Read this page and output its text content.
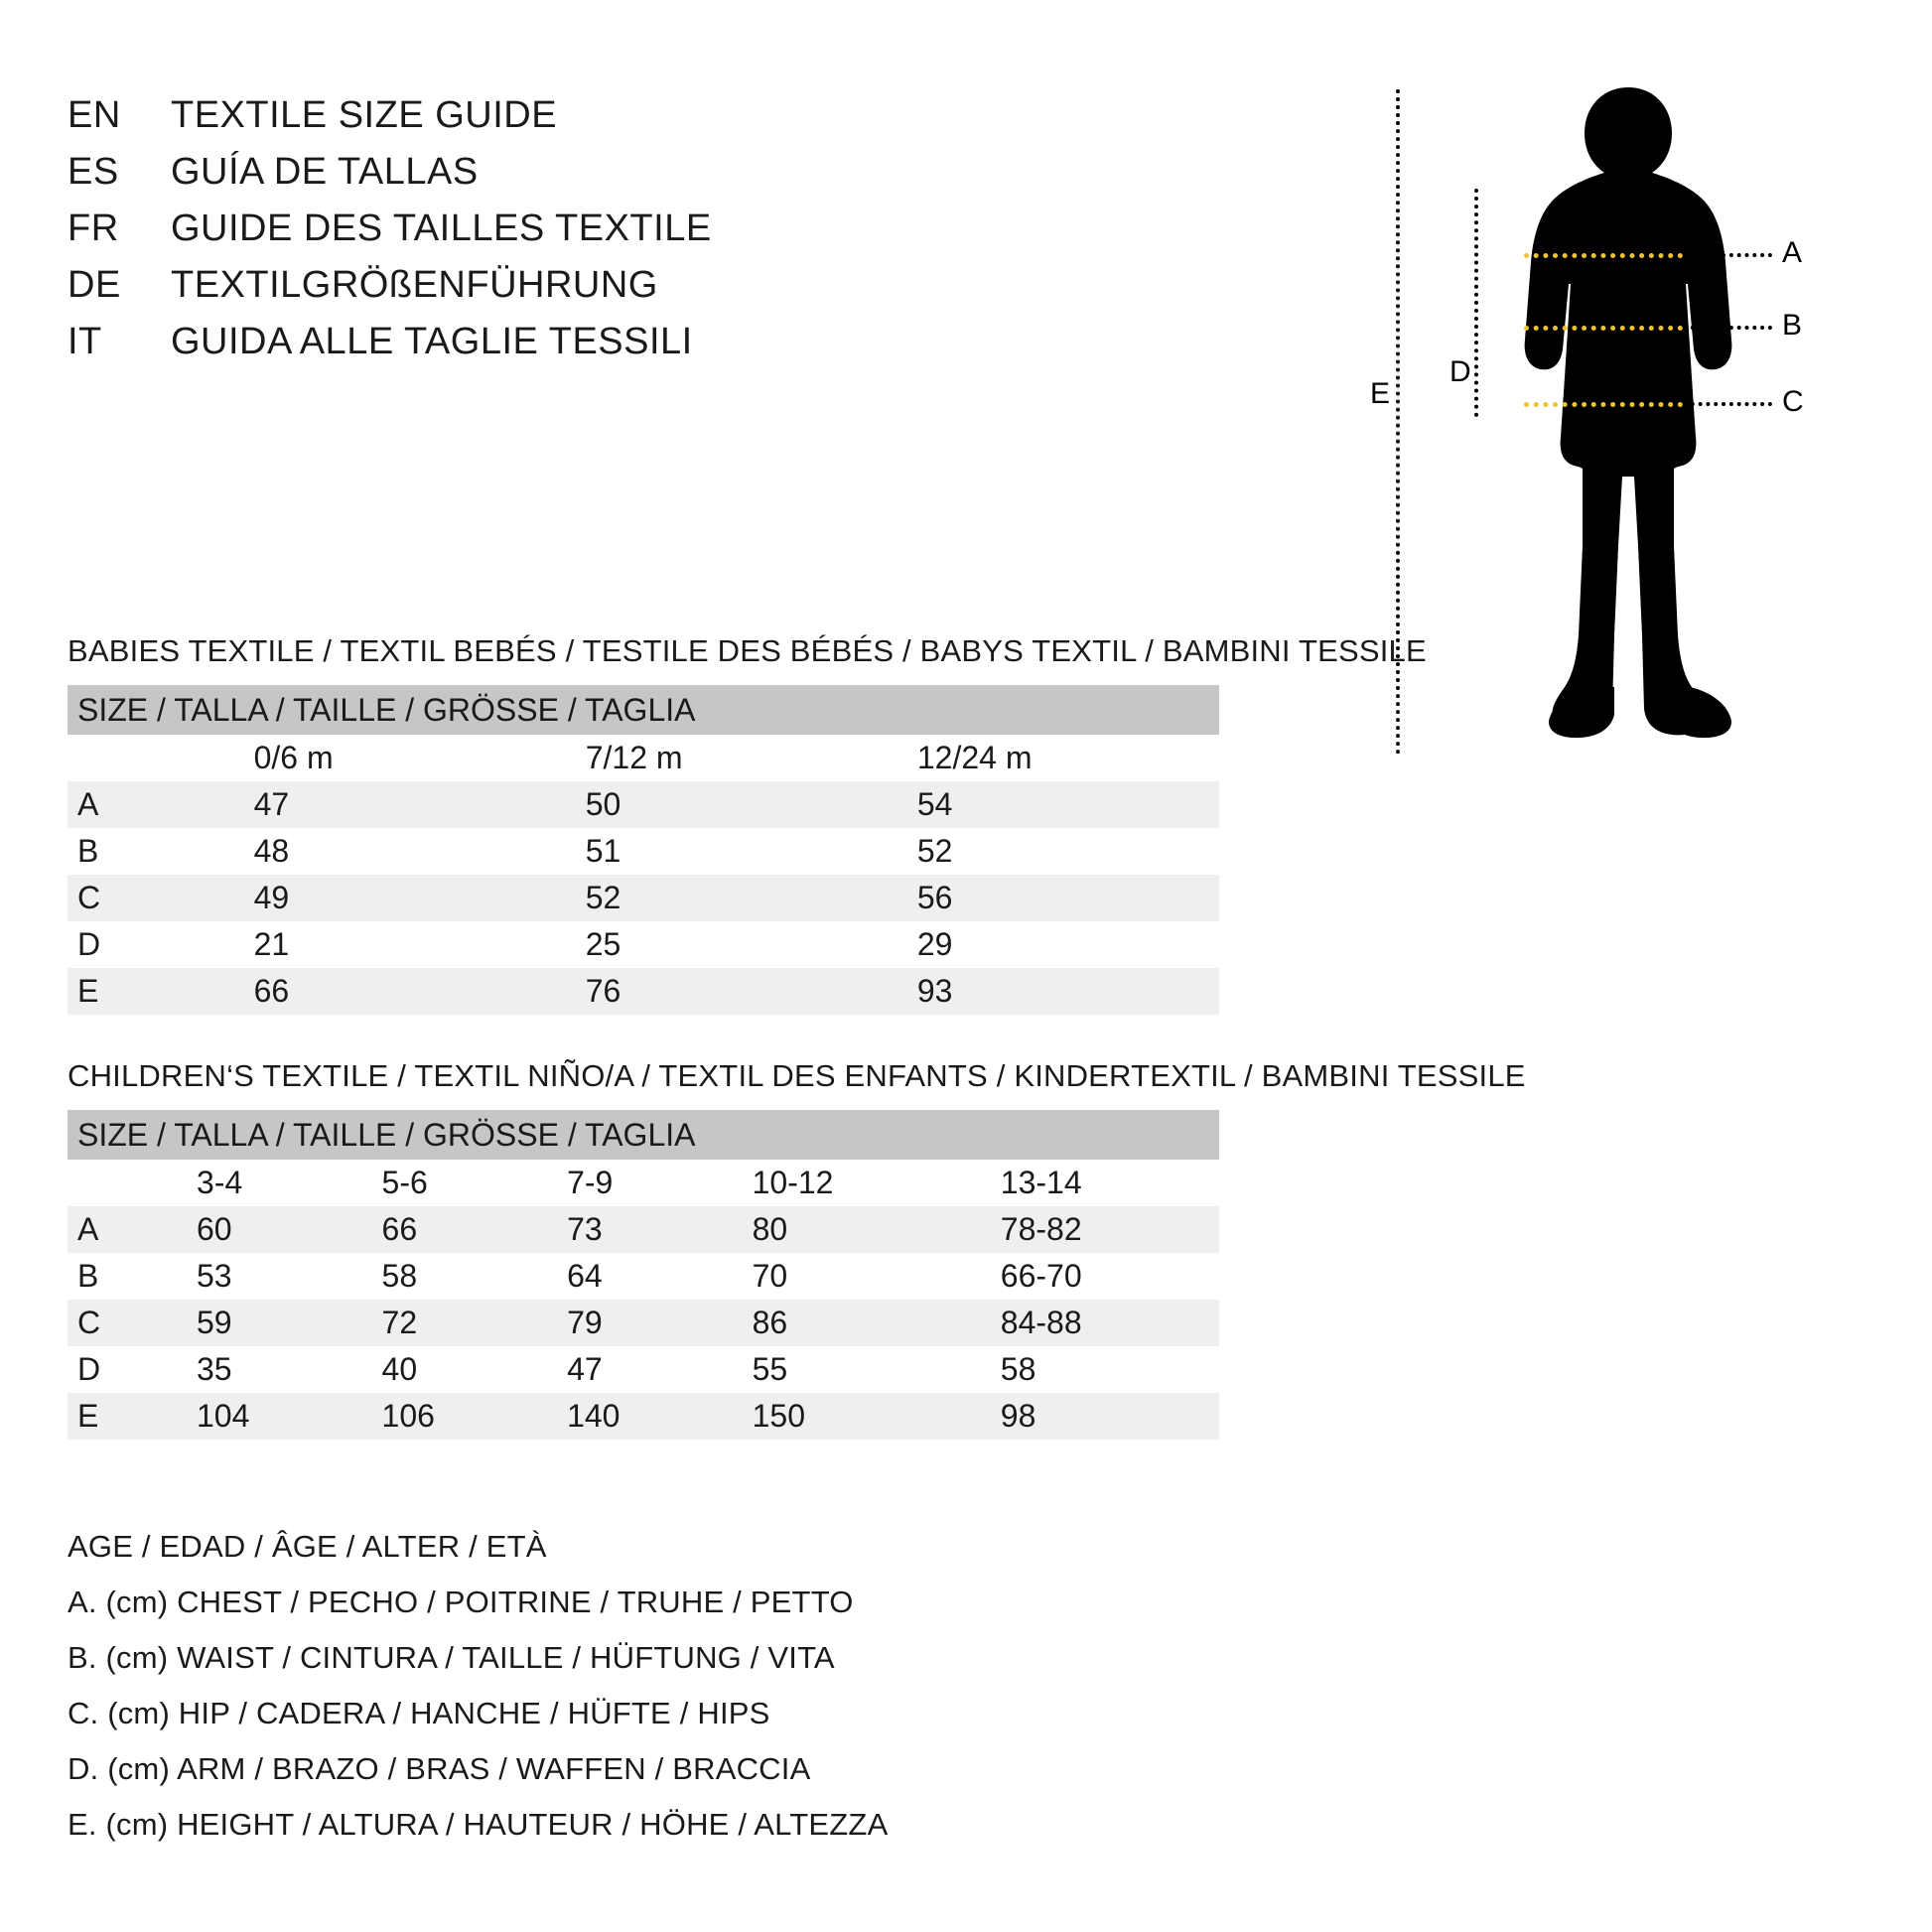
EN	TEXTILE SIZE GUIDE
ES	GUÍA DE TALLAS
FR	GUIDE DES TAILLES TEXTILE
DE	TEXTILGRÖßENFÜHRUNG
IT	GUIDA ALLE TAGLIE TESSILI
E
D
A
B
C
BABIES TEXTILE / TEXTIL BEBÉS / TESTILE DES BÉBÉS / BABYS TEXTIL / BAMBINI TESSILE
SIZE / TALLA / TAILLE / GRÖSSE / TAGLIA			
	0/6 m	7/12 m	12/24 m
A	47	50	54
B	48	51	52
C	49	52	56
D	21	25	29
E	66	76	93
CHILDREN‘S TEXTILE / TEXTIL NIÑO/A / TEXTIL DES ENFANTS / KINDERTEXTIL / BAMBINI TESSILE
SIZE / TALLA / TAILLE / GRÖSSE / TAGLIA					
	3-4	5-6	7-9	10-12	13-14
A	60	66	73	80	78-82
B	53	58	64	70	66-70
C	59	72	79	86	84-88
D	35	40	47	55	58
E	104	106	140	150	98
AGE / EDAD / ÂGE / ALTER / ETÀ
A. (cm) CHEST / PECHO / POITRINE / TRUHE / PETTO
B. (cm) WAIST / CINTURA / TAILLE / HÜFTUNG / VITA
C. (cm) HIP / CADERA / HANCHE / HÜFTE / HIPS
D. (cm) ARM / BRAZO / BRAS / WAFFEN / BRACCIA
E. (cm) HEIGHT / ALTURA / HAUTEUR / HÖHE / ALTEZZA
